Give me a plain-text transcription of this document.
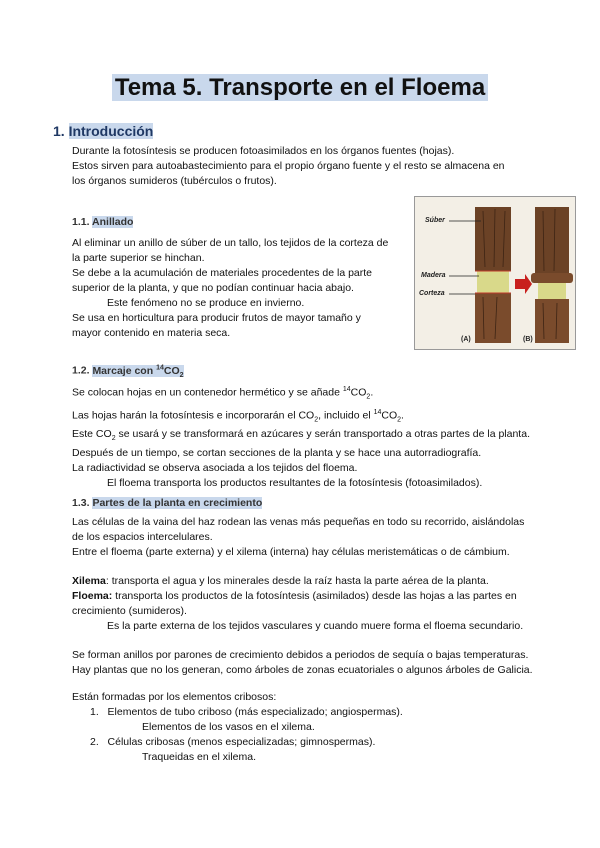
Tema 5. Transporte en el Floema
1. Introducción
Durante la fotosíntesis se producen fotoasimilados en los órganos fuentes (hojas).
Estos sirven para autoabastecimiento para el propio órgano fuente y el resto se almacena en
los órganos sumideros (tubérculos o frutos).
1.1. Anillado
Al eliminar un anillo de súber de un tallo, los tejidos de la corteza de
la parte superior se hinchan.
Se debe a la acumulación de materiales procedentes de la parte
superior de la planta, y que no podían continuar hacia abajo.
Este fenómeno no se produce en invierno.
Se usa en horticultura para producir frutos de mayor tamaño y
mayor contenido en materia seca.
Súber
Madera
Corteza
(A)	(B)
1.2. Marcaje con $^{14}CO_2$
Se colocan hojas en un contenedor hermético y se añade $^{14}CO_2$.
Las hojas harán la fotosíntesis e incorporarán el $CO_2$, incluido el $^{14}CO_2$.
Este $CO_2$ se usará y se transformará en azúcares y serán transportado a otras partes de la planta.
Después de un tiempo, se cortan secciones de la planta y se hace una autorradiografía.
La radiactividad se observa asociada a los tejidos del floema.
El floema transporta los productos resultantes de la fotosíntesis (fotoasimilados).
1.3. Partes de la planta en crecimiento
Las células de la vaina del haz rodean las venas más pequeñas en todo su recorrido, aislándolas
de los espacios intercelulares.
Entre el floema (parte externa) y el xilema (interna) hay células meristemáticas o de cámbium.
Xilema: transporta el agua y los minerales desde la raíz hasta la parte aérea de la planta.
Floema: transporta los productos de la fotosíntesis (asimilados) desde las hojas a las partes en
crecimiento (sumideros).
Es la parte externa de los tejidos vasculares y cuando muere forma el floema secundario.
Se forman anillos por parones de crecimiento debidos a periodos de sequía o bajas temperaturas.
Hay plantas que no los generan, como árboles de zonas ecuatoriales o algunos árboles de Galicia.
Están formadas por los elementos cribosos:
1. Elementos de tubo criboso (más especializado; angiospermas).
Elementos de los vasos en el xilema.
2. Células cribosas (menos especializadas; gimnospermas).
Traqueidas en el xilema.
